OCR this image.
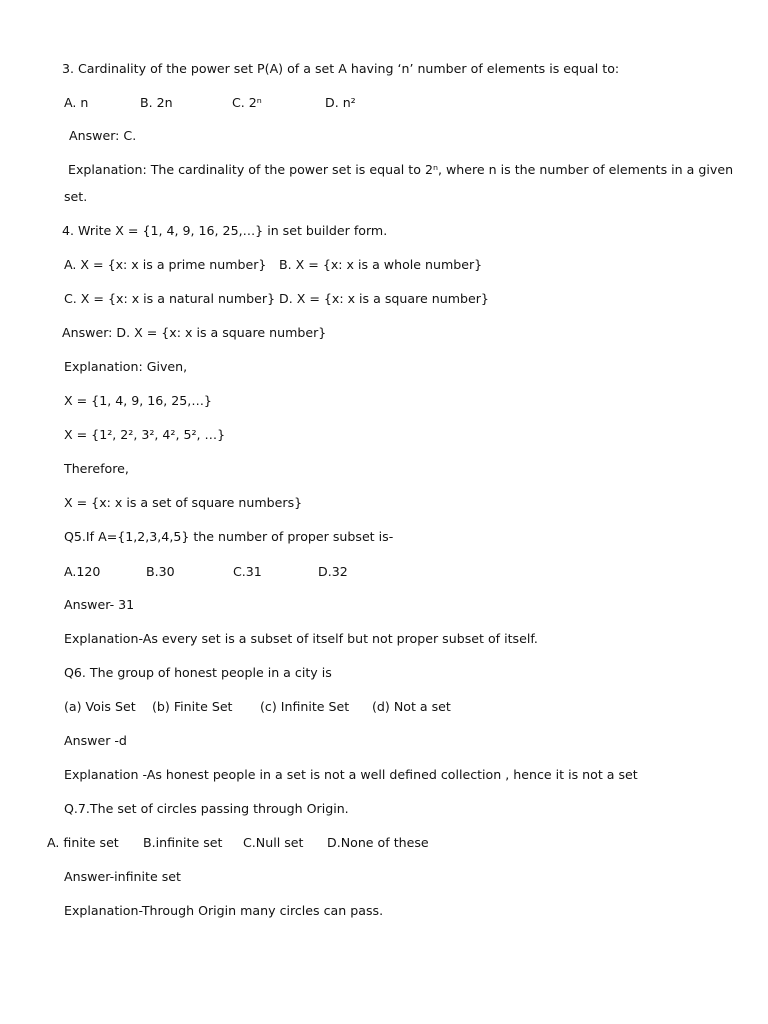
3. Cardinality of the power set P(A) of a set A having ‘n’ number of elements is equal to:
A. n	B. 2n	C. 2ⁿ	D. n²
Answer: C.
Explanation: The cardinality of the power set is equal to 2ⁿ, where n is the number of elements in a given
set.
4. Write X = {1, 4, 9, 16, 25,…} in set builder form.
A. X = {x: x is a prime number} B. X = {x: x is a whole number}
C. X = {x: x is a natural number} D. X = {x: x is a square number}
Answer: D. X = {x: x is a square number}
Explanation: Given,
X = {1, 4, 9, 16, 25,…}
X = {1², 2², 3², 4², 5², …}
Therefore,
X = {x: x is a set of square numbers}
Q5.If A={1,2,3,4,5} the number of proper subset is-
A.120	B.30	C.31	D.32
Answer- 31
Explanation-As every set is a subset of itself but not proper subset of itself.
Q6. The group of honest people in a city is
(a) Vois Set (b) Finite Set (c) Infinite Set (d) Not a set
Answer -d
Explanation -As honest people in a set is not a well defined collection , hence it is not a set
Q.7.The set of circles passing through Origin.
A. finite set B.infinite set C.Null set D.None of these
Answer-infinite set
Explanation-Through Origin many circles can pass.
